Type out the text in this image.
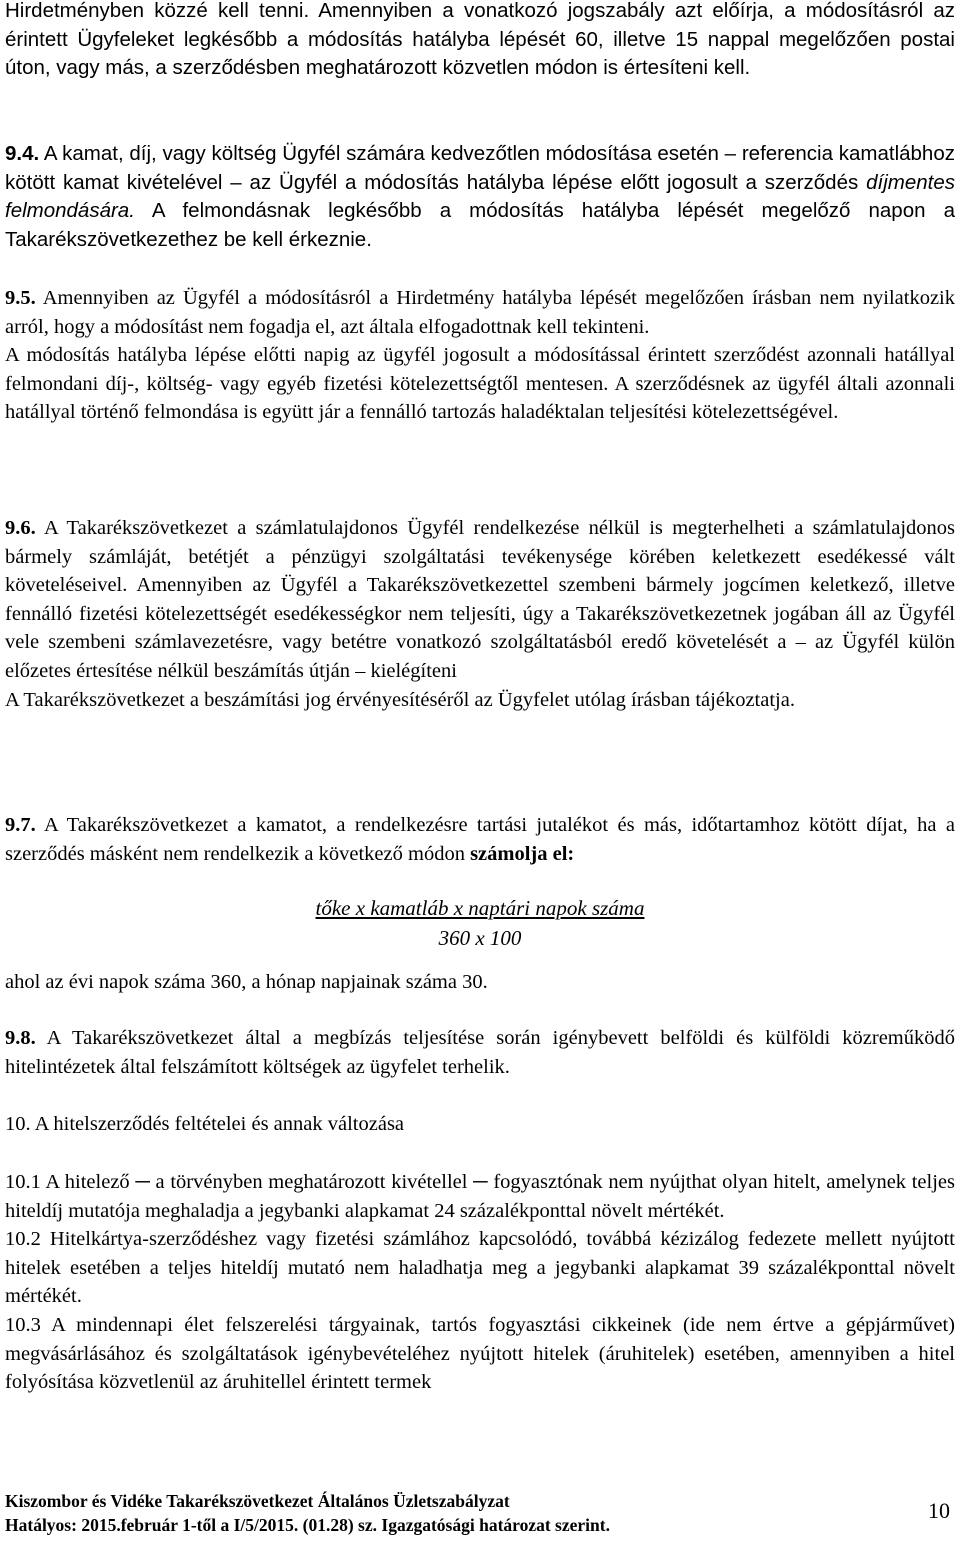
Hirdetményben közzé kell tenni. Amennyiben a vonatkozó jogszabály azt előírja, a módosításról az érintett Ügyfeleket legkésőbb a módosítás hatályba lépését 60, illetve 15 nappal megelőzően postai úton, vagy más, a szerződésben meghatározott közvetlen módon is értesíteni kell.

9.4. A kamat, díj, vagy költség Ügyfél számára kedvezőtlen módosítása esetén – referencia kamatlábhoz kötött kamat kivételével – az Ügyfél a módosítás hatályba lépése előtt jogosult a szerződés díjmentes felmondására. A felmondásnak legkésőbb a módosítás hatályba lépését megelőző napon a Takarékszövetkezethez be kell érkeznie.

9.5. Amennyiben az Ügyfél a módosításról a Hirdetmény hatályba lépését megelőzően írásban nem nyilatkozik arról, hogy a módosítást nem fogadja el, azt általa elfogadottnak kell tekinteni.

A módosítás hatályba lépése előtti napig az ügyfél jogosult a módosítással érintett szerződést azonnali hatállyal felmondani díj-, költség- vagy egyéb fizetési kötelezettségtől mentesen. A szerződésnek az ügyfél általi azonnali hatállyal történő felmondása is együtt jár a fennálló tartozás haladéktalan teljesítési kötelezettségével.

9.6. A Takarékszövetkezet a számlatulajdonos Ügyfél rendelkezése nélkül is megterhelheti a számlatulajdonos bármely számláját, betétjét a pénzügyi szolgáltatási tevékenysége körében keletkezett esedékessé vált követeléseivel. Amennyiben az Ügyfél a Takarékszövetkezettel szembeni bármely jogcímen keletkező, illetve fennálló fizetési kötelezettségét esedékességkor nem teljesíti, úgy a Takarékszövetkezetnek jogában áll az Ügyfél vele szembeni számlavezetésre, vagy betétre vonatkozó szolgáltatásból eredő követelését a – az Ügyfél külön előzetes értesítése nélkül beszámítás útján – kielégíteni

A Takarékszövetkezet a beszámítási jog érvényesítéséről az Ügyfelet utólag írásban tájékoztatja.

9.7. A Takarékszövetkezet a kamatot, a rendelkezésre tartási jutalékot és más, időtartamhoz kötött díjat, ha a szerződés másként nem rendelkezik a következő módon számolja el:

tőke x kamatláb x naptári napok száma
360 x 100

ahol az évi napok száma 360, a hónap napjainak száma 30.

9.8. A Takarékszövetkezet által a megbízás teljesítése során igénybevett belföldi és külföldi közreműködő hitelintézetek által felszámított költségek az ügyfelet terhelik.

10. A hitelszerződés feltételei és annak változása

10.1 A hitelező ─ a törvényben meghatározott kivétellel ─ fogyasztónak nem nyújthat olyan hitelt, amelynek teljes hiteldíj mutatója meghaladja a jegybanki alapkamat 24 százalékponttal növelt mértékét.

10.2 Hitelkártya-szerződéshez vagy fizetési számlához kapcsolódó, továbbá kézizálog fedezete mellett nyújtott hitelek esetében a teljes hiteldíj mutató nem haladhatja meg a jegybanki alapkamat 39 százalékponttal növelt mértékét.

10.3 A mindennapi élet felszerelési tárgyainak, tartós fogyasztási cikkeinek (ide nem értve a gépjárművet) megvásárlásához és szolgáltatások igénybevételéhez nyújtott hitelek (áruhitelek) esetében, amennyiben a hitel folyósítása közvetlenül az áruhitellel érintett termek

Kiszombor és Vidéke Takarékszövetkezet Általános Üzletszabályzat
Hatályos: 2015.február 1-től a I/5/2015. (01.28) sz. Igazgatósági határozat szerint.
10
